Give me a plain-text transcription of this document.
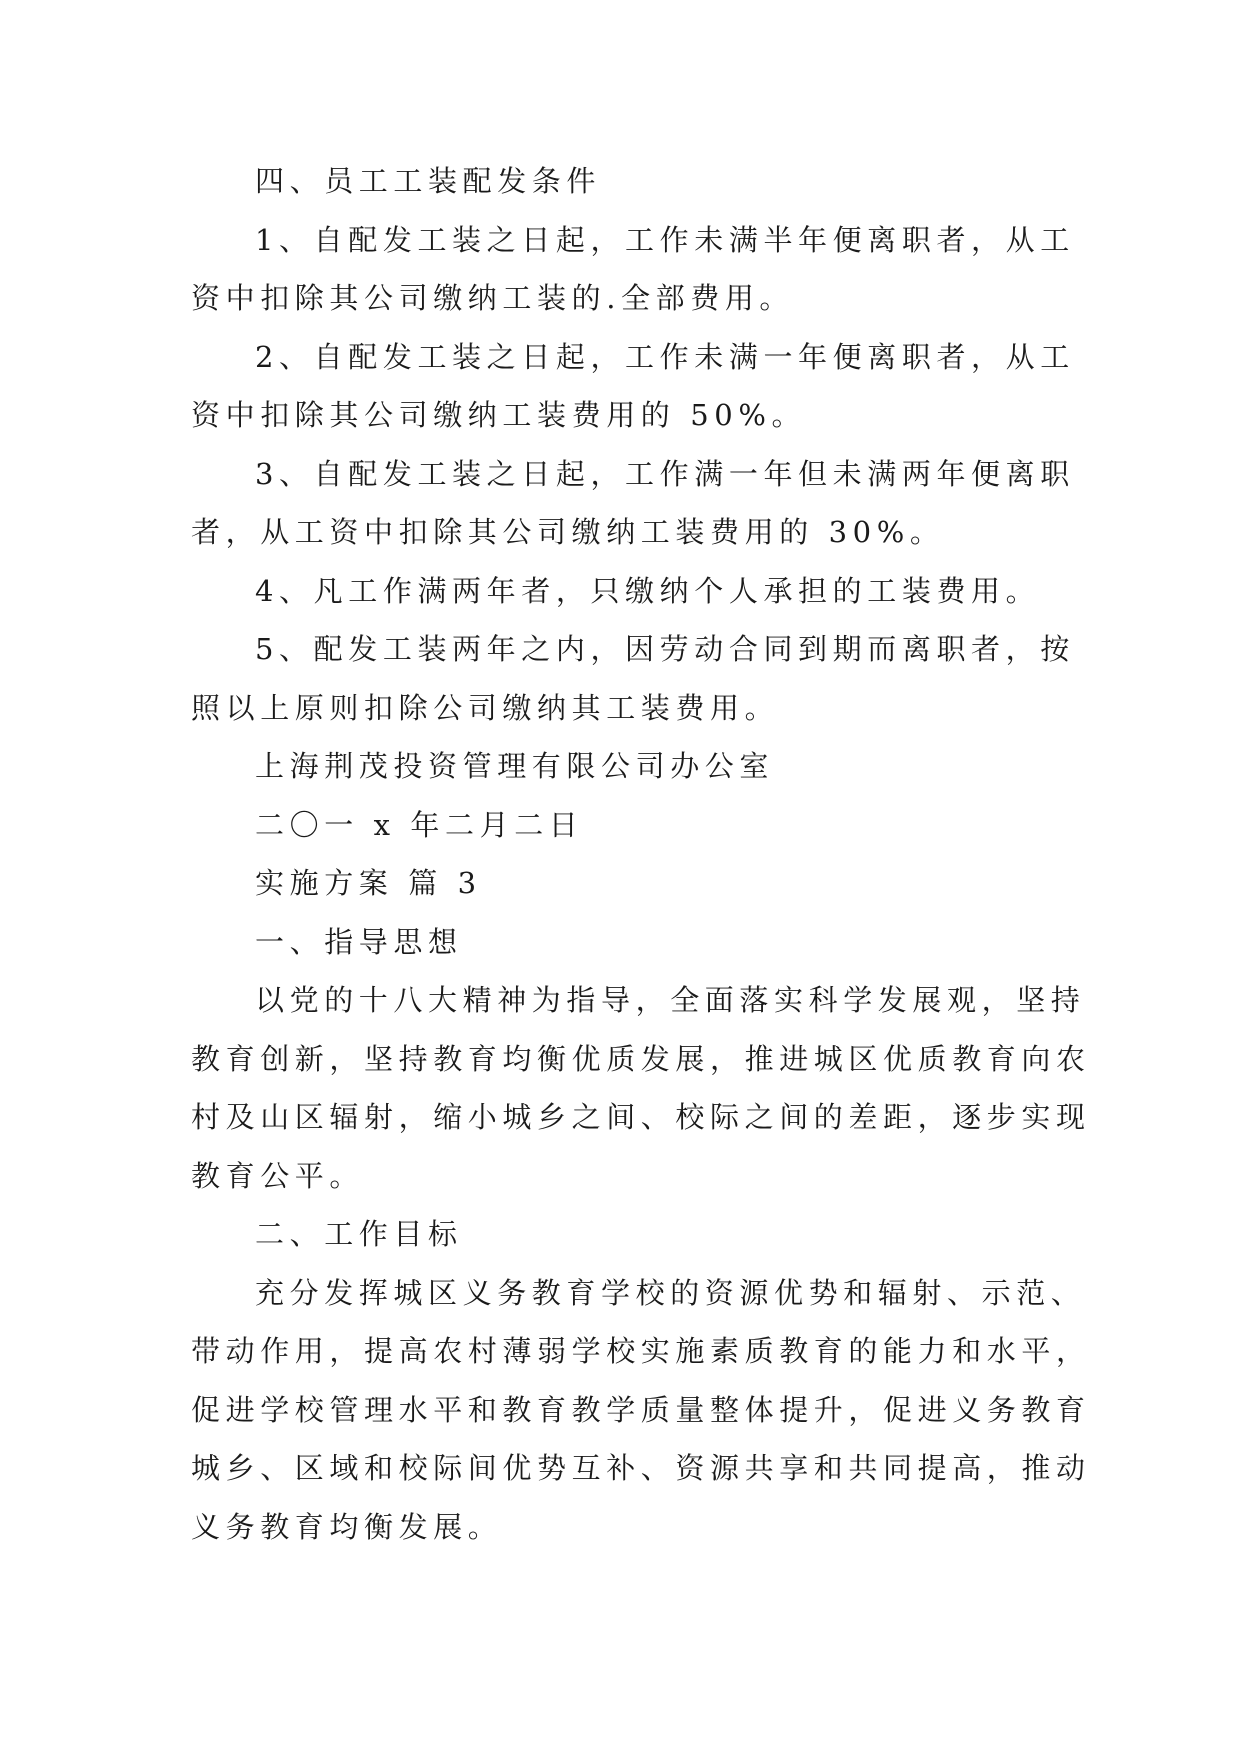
四、员工工装配发条件

1、自配发工装之日起，工作未满半年便离职者，从工

资中扣除其公司缴纳工装的.全部费用。

2、自配发工装之日起，工作未满一年便离职者，从工

资中扣除其公司缴纳工装费用的 50%。

3、自配发工装之日起，工作满一年但未满两年便离职

者，从工资中扣除其公司缴纳工装费用的 30%。

4、凡工作满两年者，只缴纳个人承担的工装费用。

5、配发工装两年之内，因劳动合同到期而离职者，按

照以上原则扣除公司缴纳其工装费用。

上海荆茂投资管理有限公司办公室

二〇一 x 年二月二日

实施方案 篇 3

一、指导思想

以党的十八大精神为指导，全面落实科学发展观，坚持

教育创新，坚持教育均衡优质发展，推进城区优质教育向农

村及山区辐射，缩小城乡之间、校际之间的差距，逐步实现

教育公平。

二、工作目标

充分发挥城区义务教育学校的资源优势和辐射、示范、

带动作用，提高农村薄弱学校实施素质教育的能力和水平，

促进学校管理水平和教育教学质量整体提升，促进义务教育

城乡、区域和校际间优势互补、资源共享和共同提高，推动

义务教育均衡发展。
